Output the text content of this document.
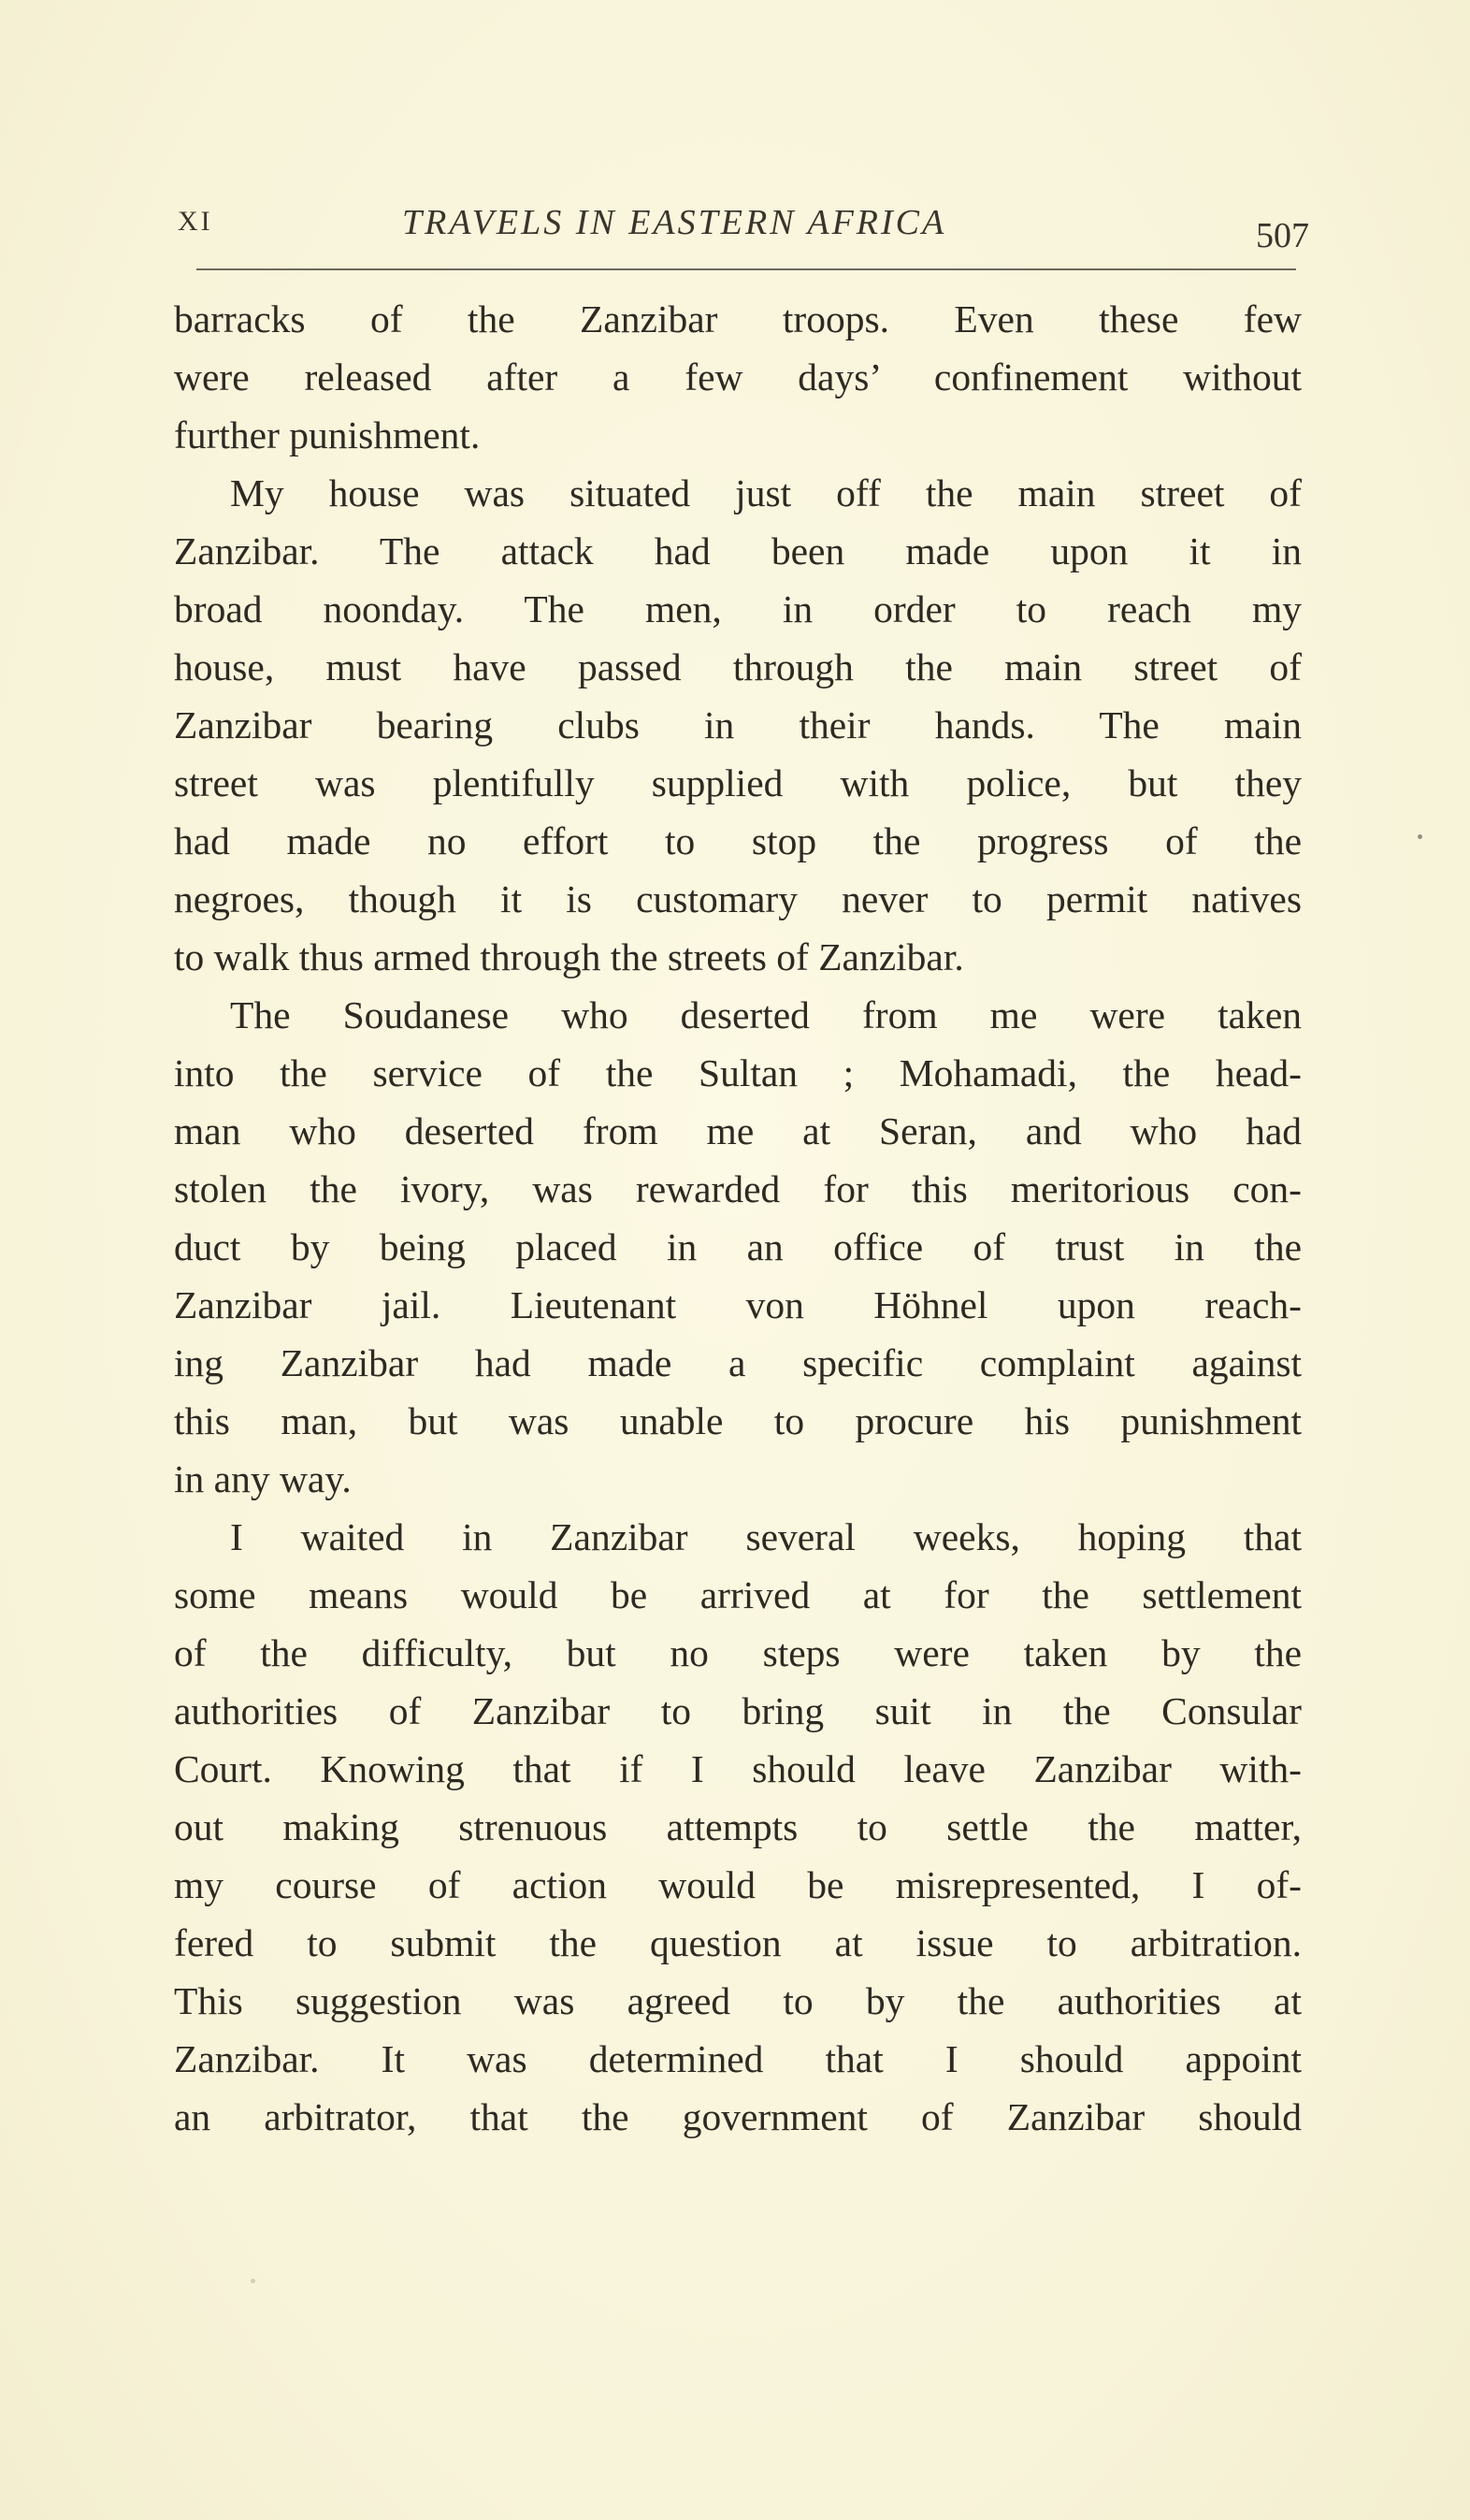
XI	TRAVELS IN EASTERN AFRICA	507
barracks of the Zanzibar troops. Even these few
were released after a few days’ confinement without
further punishment.
My house was situated just off the main street of
Zanzibar. The attack had been made upon it in
broad noonday. The men, in order to reach my
house, must have passed through the main street of
Zanzibar bearing clubs in their hands. The main
street was plentifully supplied with police, but they
had made no effort to stop the progress of the
negroes, though it is customary never to permit natives
to walk thus armed through the streets of Zanzibar.
The Soudanese who deserted from me were taken
into the service of the Sultan ; Mohamadi, the head-
man who deserted from me at Seran, and who had
stolen the ivory, was rewarded for this meritorious con-
duct by being placed in an office of trust in the
Zanzibar jail. Lieutenant von Höhnel upon reach-
ing Zanzibar had made a specific complaint against
this man, but was unable to procure his punishment
in any way.
I waited in Zanzibar several weeks, hoping that
some means would be arrived at for the settlement
of the difficulty, but no steps were taken by the
authorities of Zanzibar to bring suit in the Consular
Court. Knowing that if I should leave Zanzibar with-
out making strenuous attempts to settle the matter,
my course of action would be misrepresented, I of-
fered to submit the question at issue to arbitration.
This suggestion was agreed to by the authorities at
Zanzibar. It was determined that I should appoint
an arbitrator, that the government of Zanzibar should
